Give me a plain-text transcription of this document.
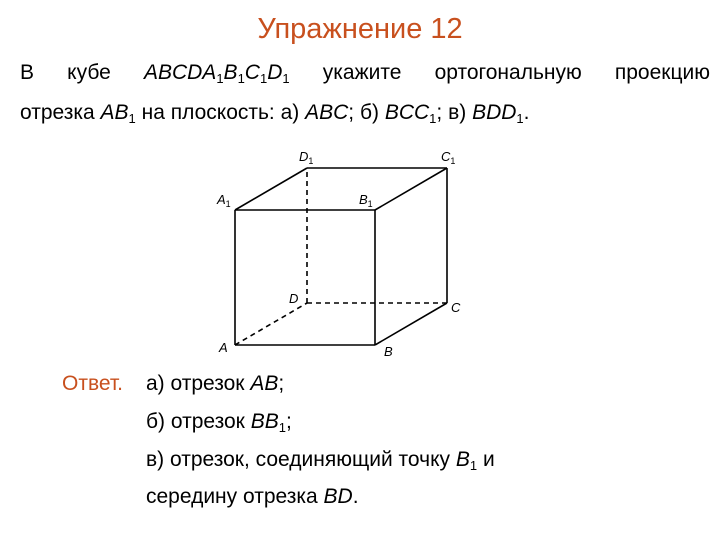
Упражнение 12
В кубе $ABCDA_1B_1C_1D_1$ укажите ортогональную проекцию
отрезка $AB_1$ на плоскость: а) ABC; б) $BCC_1$; в) $BDD_1$.
A	B
C
D
$A_1$	$B_1$
$C_1$
$D_1$
Ответ. а) отрезок AB;
б) отрезок $BB_1$;
в) отрезок, соединяющий точку $B_1$ и
середину отрезка BD.
